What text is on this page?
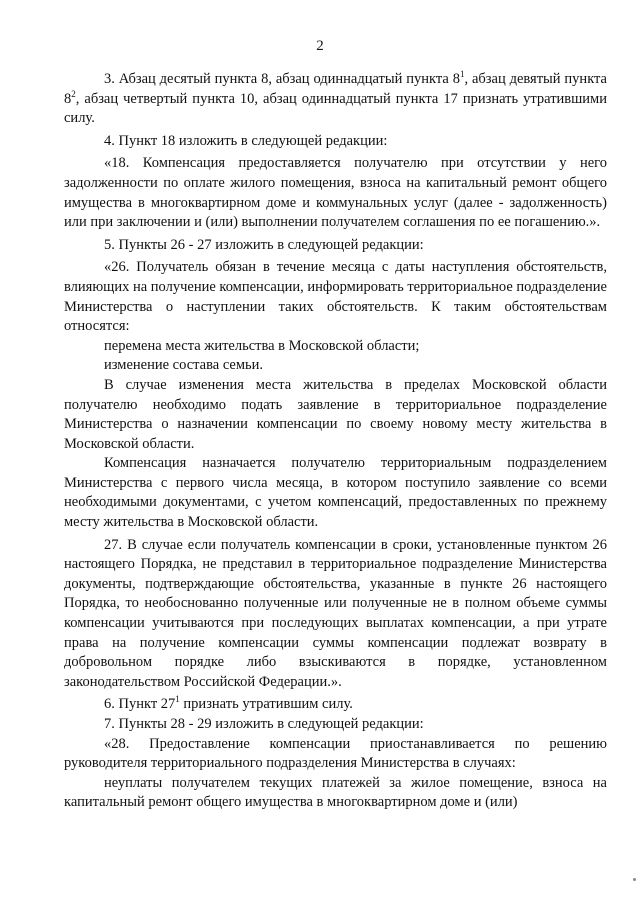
2

3. Абзац десятый пункта 8, абзац одиннадцатый пункта $8^1$, абзац девятый пункта $8^2$, абзац четвертый пункта 10, абзац одиннадцатый пункта 17 признать утратившими силу.

4. Пункт 18 изложить в следующей редакции:

«18. Компенсация предоставляется получателю при отсутствии у него задолженности по оплате жилого помещения, взноса на капитальный ремонт общего имущества в многоквартирном доме и коммунальных услуг (далее - задолженность) или при заключении и (или) выполнении получателем соглашения по ее погашению.».

5. Пункты 26 - 27 изложить в следующей редакции:

«26. Получатель обязан в течение месяца с даты наступления обстоятельств, влияющих на получение компенсации, информировать территориальное подразделение Министерства о наступлении таких обстоятельств. К таким обстоятельствам относятся:

перемена места жительства в Московской области;

изменение состава семьи.

В случае изменения места жительства в пределах Московской области получателю необходимо подать заявление в территориальное подразделение Министерства о назначении компенсации по своему новому месту жительства в Московской области.

Компенсация назначается получателю территориальным подразделением Министерства с первого числа месяца, в котором поступило заявление со всеми необходимыми документами, с учетом компенсаций, предоставленных по прежнему месту жительства в Московской области.

27. В случае если получатель компенсации в сроки, установленные пунктом 26 настоящего Порядка, не представил в территориальное подразделение Министерства документы, подтверждающие обстоятельства, указанные в пункте 26 настоящего Порядка, то необоснованно полученные или полученные не в полном объеме суммы компенсации учитываются при последующих выплатах компенсации, а при утрате права на получение компенсации суммы компенсации подлежат возврату в добровольном порядке либо взыскиваются в порядке, установленном законодательством Российской Федерации.».

6. Пункт $27^1$ признать утратившим силу.

7. Пункты 28 - 29 изложить в следующей редакции:

«28. Предоставление компенсации приостанавливается по решению руководителя территориального подразделения Министерства в случаях:

неуплаты получателем текущих платежей за жилое помещение, взноса на капитальный ремонт общего имущества в многоквартирном доме и (или)
